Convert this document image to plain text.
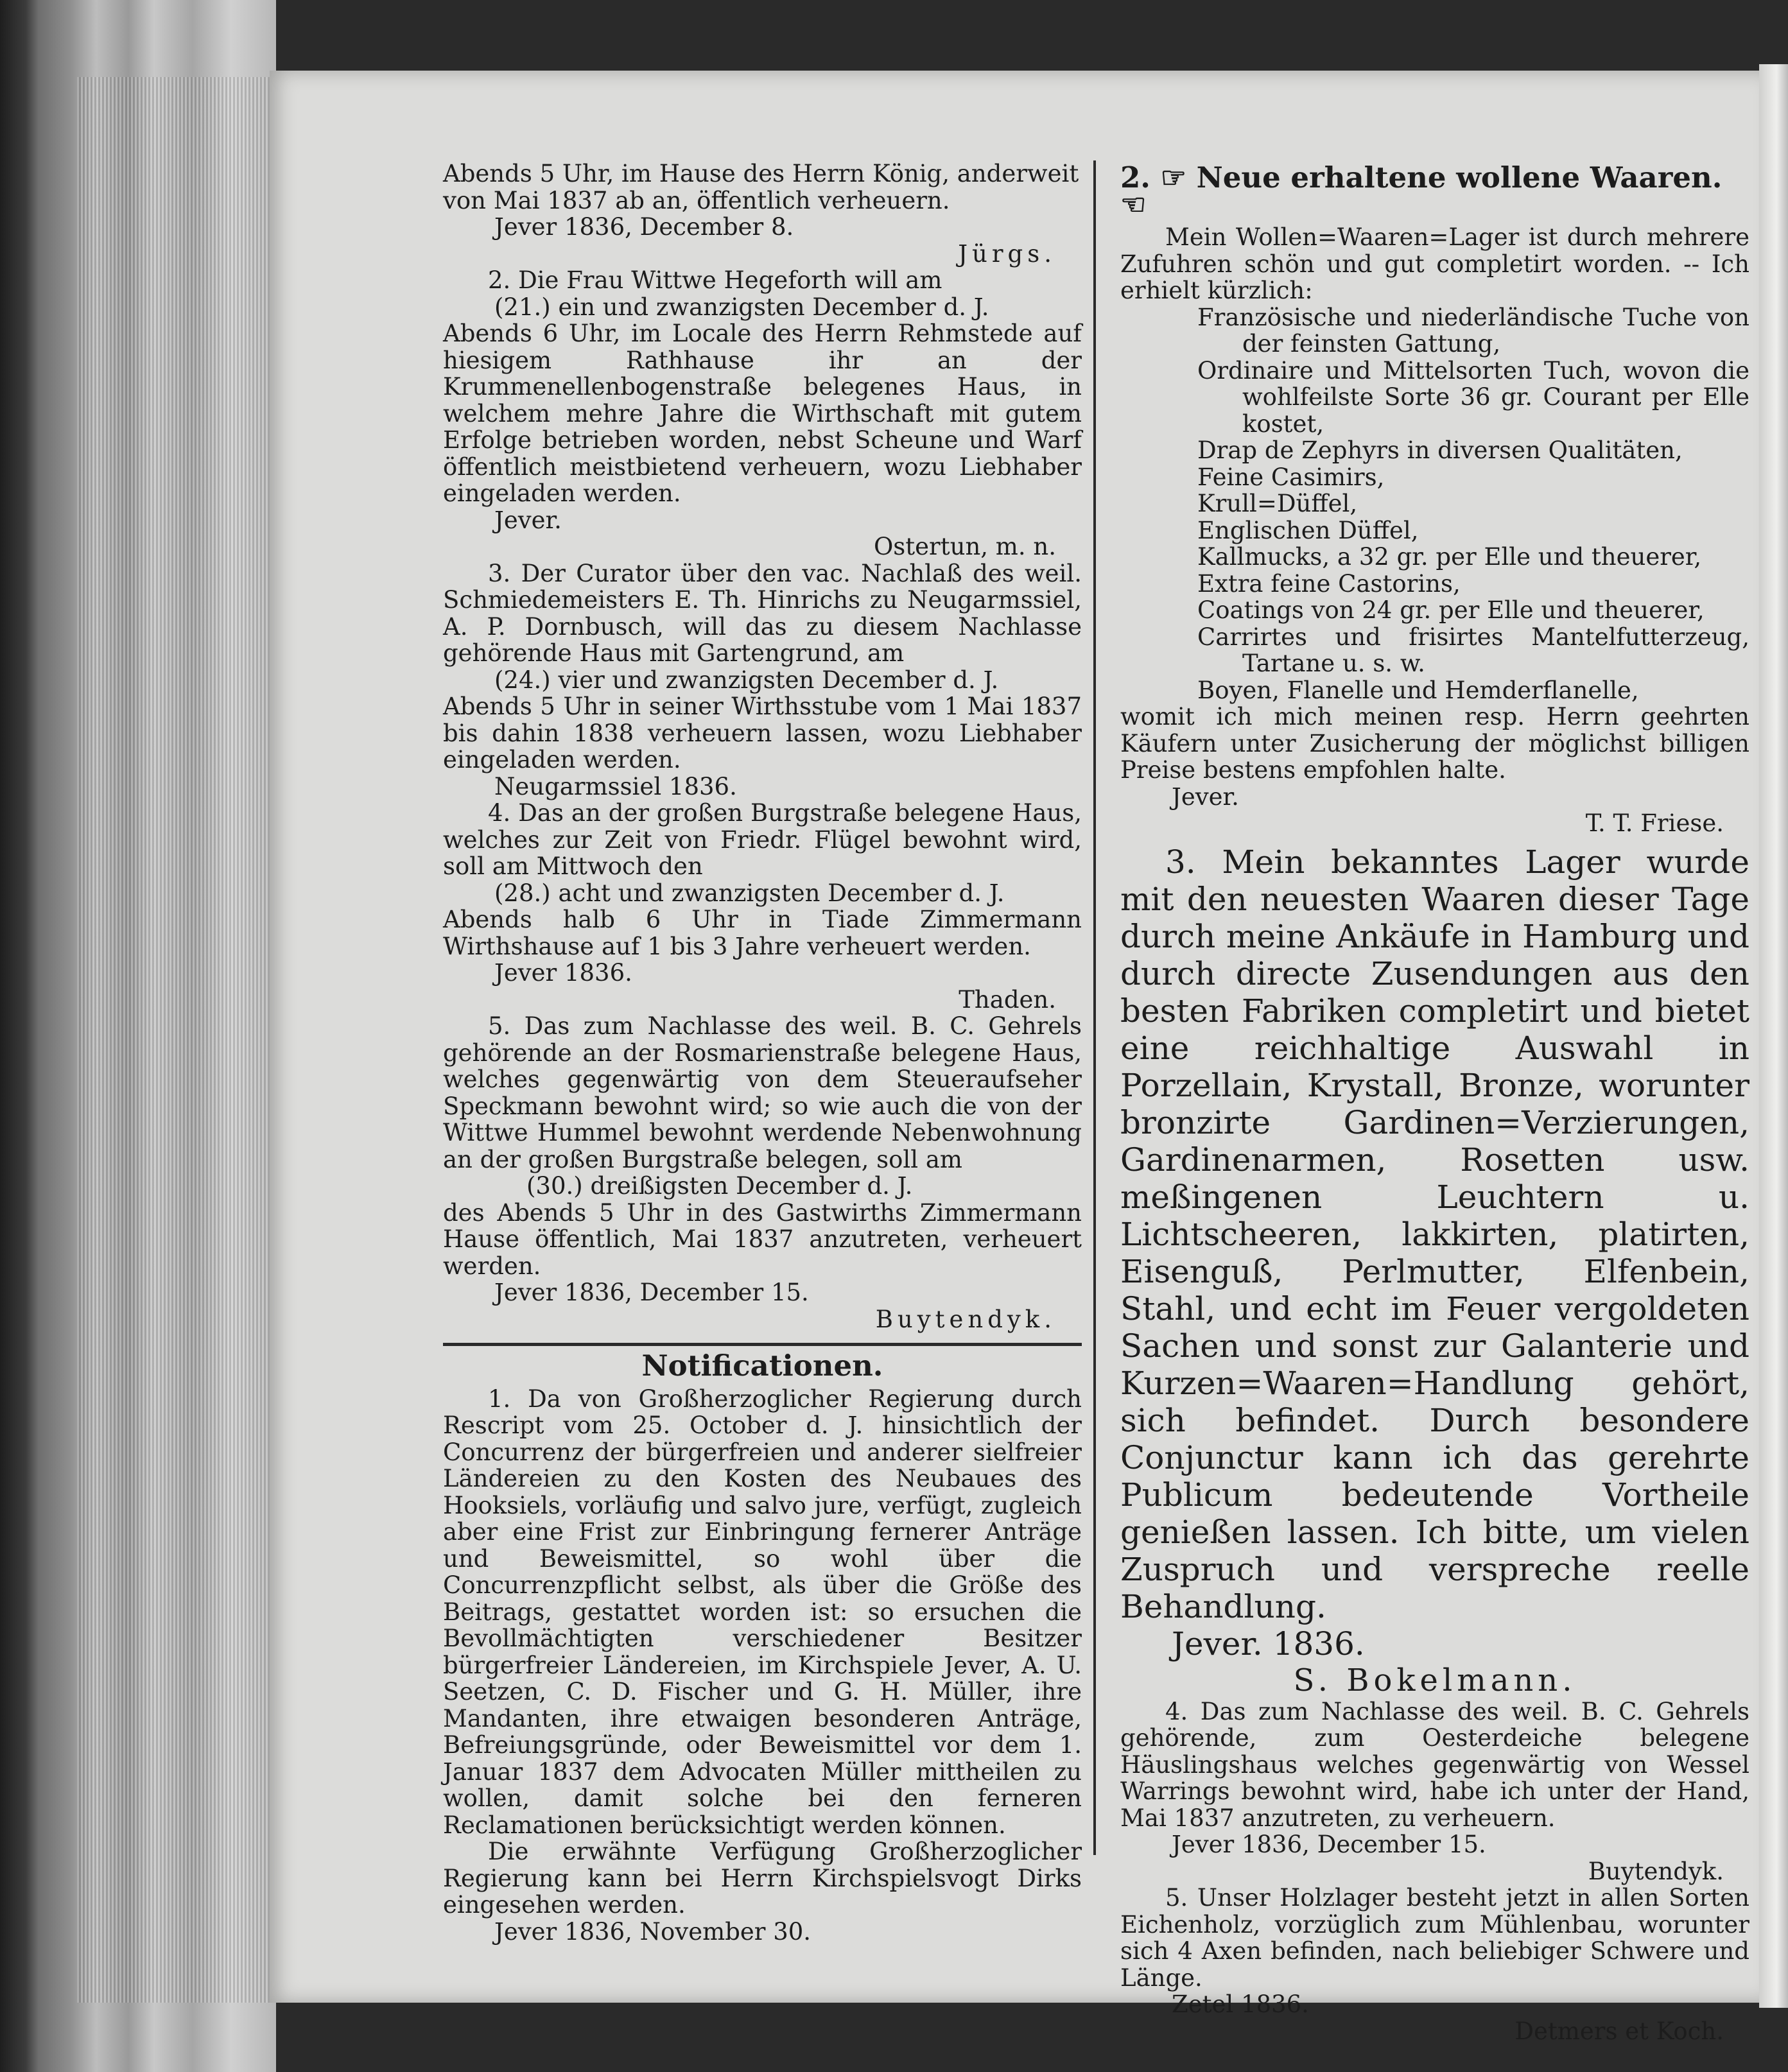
Abends 5 Uhr, im Hause des Herrn König, anderweit

von Mai 1837 ab an, öffentlich verheuern.

Jever 1836, December 8.

Jürgs.

2. Die Frau Wittwe Hegeforth will am

(21.) ein und zwanzigsten December d. J.

Abends 6 Uhr, im Locale des Herrn Rehmstede auf hiesigem Rathhause ihr an der Krummenellenbogenstraße belegenes Haus, in welchem mehre Jahre die Wirthschaft mit gutem Erfolge betrieben worden, nebst Scheune und Warf öffentlich meistbietend verheuern, wozu Liebhaber eingeladen werden.

Jever.

Ostertun, m. n.

3. Der Curator über den vac. Nachlaß des weil. Schmiedemeisters E. Th. Hinrichs zu Neugarmssiel, A. P. Dornbusch, will das zu diesem Nachlasse gehörende Haus mit Gartengrund, am

(24.) vier und zwanzigsten December d. J.

Abends 5 Uhr in seiner Wirthsstube vom 1 Mai 1837 bis dahin 1838 verheuern lassen, wozu Liebhaber eingeladen werden.

Neugarmssiel 1836.

4. Das an der großen Burgstraße belegene Haus, welches zur Zeit von Friedr. Flügel bewohnt wird, soll am Mittwoch den

(28.) acht und zwanzigsten December d. J.

Abends halb 6 Uhr in Tiade Zimmermann Wirthshause auf 1 bis 3 Jahre verheuert werden.

Jever 1836.

Thaden.

5. Das zum Nachlasse des weil. B. C. Gehrels gehörende an der Rosmarienstraße belegene Haus, welches gegenwärtig von dem Steueraufseher Speckmann bewohnt wird; so wie auch die von der Wittwe Hummel bewohnt werdende Nebenwohnung an der großen Burgstraße belegen, soll am

(30.) dreißigsten December d. J.

des Abends 5 Uhr in des Gastwirths Zimmermann Hause öffentlich, Mai 1837 anzutreten, verheuert werden.

Jever 1836, December 15.

Buytendyk.

Notificationen.

1. Da von Großherzoglicher Regierung durch Rescript vom 25. October d. J. hinsichtlich der Concurrenz der bürgerfreien und anderer sielfreier Ländereien zu den Kosten des Neubaues des Hooksiels, vorläufig und salvo jure, verfügt, zugleich aber eine Frist zur Einbringung fernerer Anträge und Beweismittel, so wohl über die Concurrenzpflicht selbst, als über die Größe des Beitrags, gestattet worden ist: so ersuchen die Bevollmächtigten verschiedener Besitzer bürgerfreier Ländereien, im Kirchspiele Jever, A. U. Seetzen, C. D. Fischer und G. H. Müller, ihre Mandanten, ihre etwaigen besonderen Anträge, Befreiungsgründe, oder Beweismittel vor dem 1. Januar 1837 dem Advocaten Müller mittheilen zu wollen, damit solche bei den ferneren Reclamationen berücksichtigt werden können.

Die erwähnte Verfügung Großherzoglicher Regierung kann bei Herrn Kirchspielsvogt Dirks eingesehen werden.

Jever 1836, November 30.

2. ☞ Neue erhaltene wollene Waaren. ☜

Mein Wollen=Waaren=Lager ist durch mehrere Zufuhren schön und gut completirt worden. -- Ich erhielt kürzlich:

Französische und niederländische Tuche von der feinsten Gattung,

Ordinaire und Mittelsorten Tuch, wovon die wohlfeilste Sorte 36 gr. Courant per Elle kostet,

Drap de Zephyrs in diversen Qualitäten,

Feine Casimirs,

Krull=Düffel,

Englischen Düffel,

Kallmucks, a 32 gr. per Elle und theuerer,

Extra feine Castorins,

Coatings von 24 gr. per Elle und theuerer,

Carrirtes und frisirtes Mantelfutterzeug, Tartane u. s. w.

Boyen, Flanelle und Hemderflanelle,

womit ich mich meinen resp. Herrn geehrten Käufern unter Zusicherung der möglichst billigen Preise bestens empfohlen halte.

Jever.

T. T. Friese.

3. Mein bekanntes Lager wurde mit den neuesten Waaren dieser Tage durch meine Ankäufe in Hamburg und durch directe Zusendungen aus den besten Fabriken completirt und bietet eine reichhaltige Auswahl in Porzellain, Krystall, Bronze, worunter bronzirte Gardinen=Verzierungen, Gardinenarmen, Rosetten usw. meßingenen Leuchtern u. Lichtscheeren, lakkirten, platirten, Eisenguß, Perlmutter, Elfenbein, Stahl, und echt im Feuer vergoldeten Sachen und sonst zur Galanterie und Kurzen=Waaren=Handlung gehört, sich befindet. Durch besondere Conjunctur kann ich das gerehrte Publicum bedeutende Vortheile genießen lassen. Ich bitte, um vielen Zuspruch und verspreche reelle Behandlung.

Jever. 1836.

S. Bokelmann.

4. Das zum Nachlasse des weil. B. C. Gehrels gehörende, zum Oesterdeiche belegene Häuslingshaus welches gegenwärtig von Wessel Warrings bewohnt wird, habe ich unter der Hand, Mai 1837 anzutreten, zu verheuern.

Jever 1836, December 15.

Buytendyk.

5. Unser Holzlager besteht jetzt in allen Sorten Eichenholz, vorzüglich zum Mühlenbau, worunter sich 4 Axen befinden, nach beliebiger Schwere und Länge.

Zetel 1836.

Detmers et Koch.
